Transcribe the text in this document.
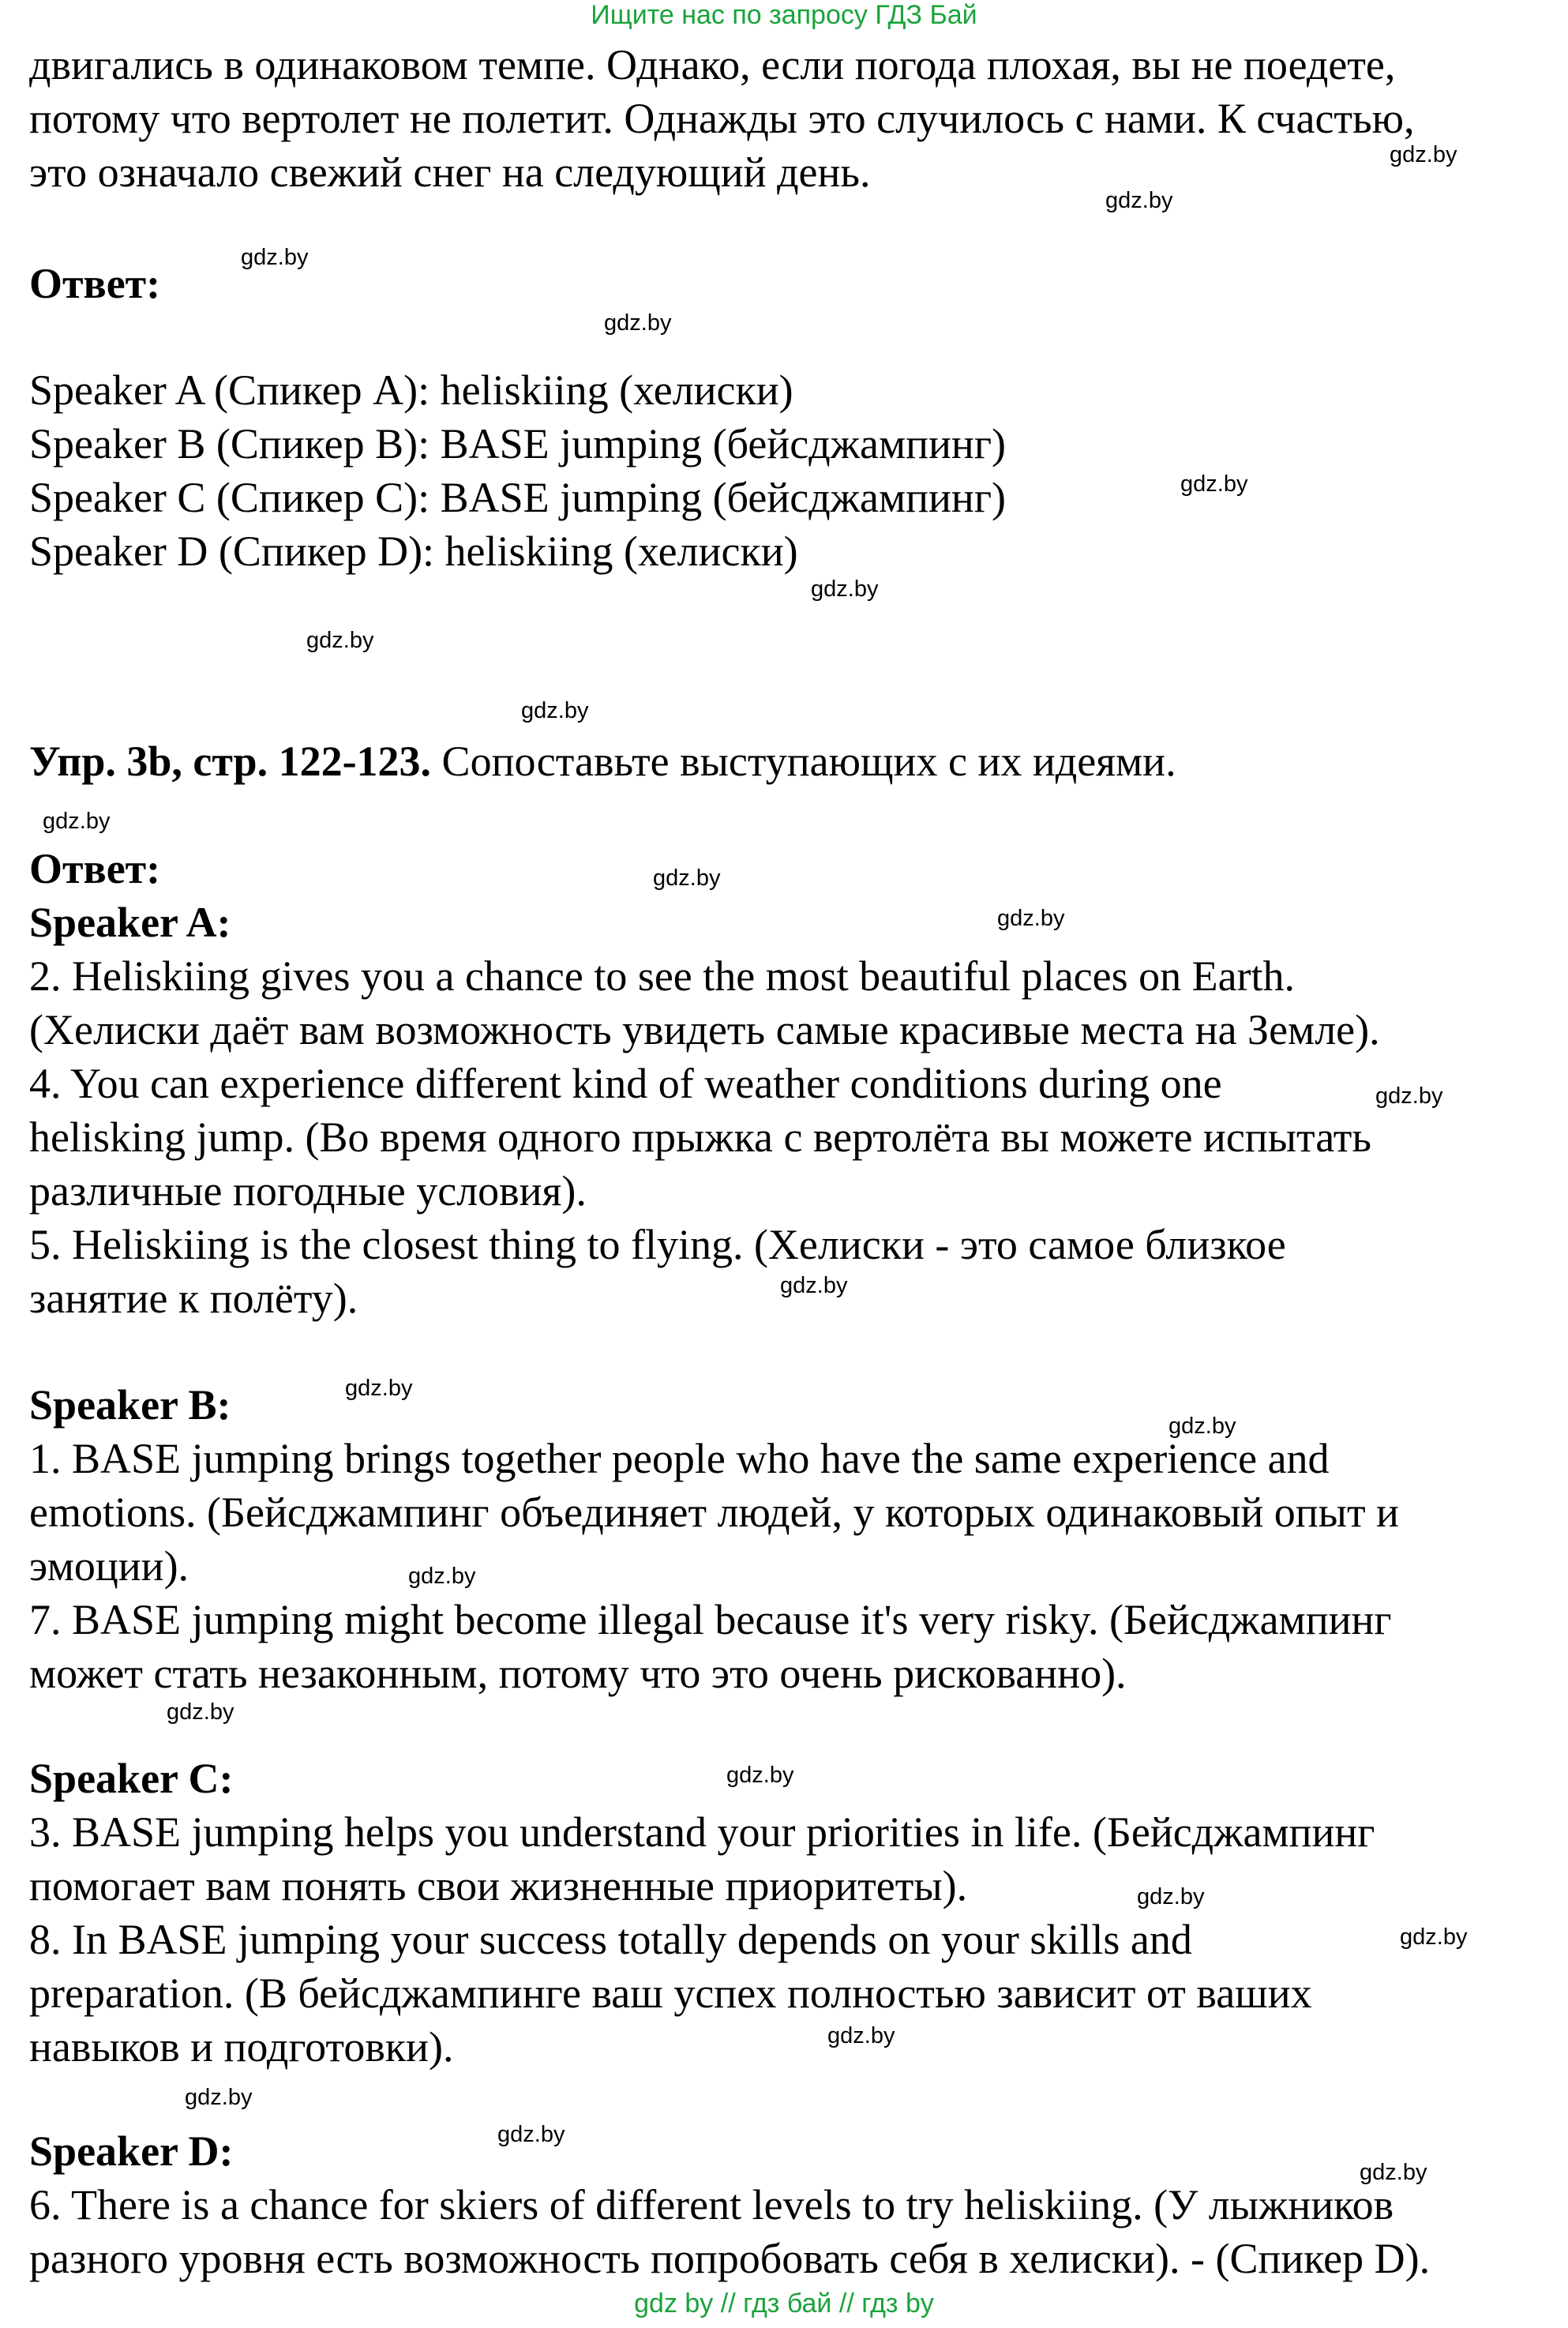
Ищите нас по запросу ГДЗ Бай
двигались в одинаковом темпе. Однако, если погода плохая, вы не поедете,
потому что вертолет не полетит. Однажды это случилось с нами. К счастью,
это означало свежий снег на следующий день.
Ответ:
Speaker A (Спикер A): heliskiing (хелиски)
Speaker B (Спикер B): BASE jumping (бейсджампинг)
Speaker C (Спикер C): BASE jumping (бейсджампинг)
Speaker D (Спикер D): heliskiing (хелиски)
Упр. 3b, стр. 122-123. Сопоставьте выступающих с их идеями.
Ответ:
Speaker A:
2. Heliskiing gives you a chance to see the most beautiful places on Earth.
(Хелиски даёт вам возможность увидеть самые красивые места на Земле).
4. You can experience different kind of weather conditions during one
helisking jump. (Во время одного прыжка с вертолёта вы можете испытать
различные погодные условия).
5. Heliskiing is the closest thing to flying. (Хелиски - это самое близкое
занятие к полёту).
Speaker B:
1. BASE jumping brings together people who have the same experience and
emotions. (Бейсджампинг объединяет людей, у которых одинаковый опыт и
эмоции).
7. BASE jumping might become illegal because it's very risky. (Бейсджампинг
может стать незаконным, потому что это очень рискованно).
Speaker C:
3. BASE jumping helps you understand your priorities in life. (Бейсджампинг
помогает вам понять свои жизненные приоритеты).
8. In BASE jumping your success totally depends on your skills and
preparation. (В бейсджампинге ваш успех полностью зависит от ваших
навыков и подготовки).
Speaker D:
6. There is a chance for skiers of different levels to try heliskiing. (У лыжников
разного уровня есть возможность попробовать себя в хелиски). - (Спикер D).
gdz.by
gdz.by
gdz.by
gdz.by
gdz.by
gdz.by
gdz.by
gdz.by
gdz.by
gdz.by
gdz.by
gdz.by
gdz.by
gdz.by
gdz.by
gdz.by
gdz.by
gdz.by
gdz.by
gdz.by
gdz.by
gdz.by
gdz.by
gdz.by
gdz by // гдз бай // гдз by
